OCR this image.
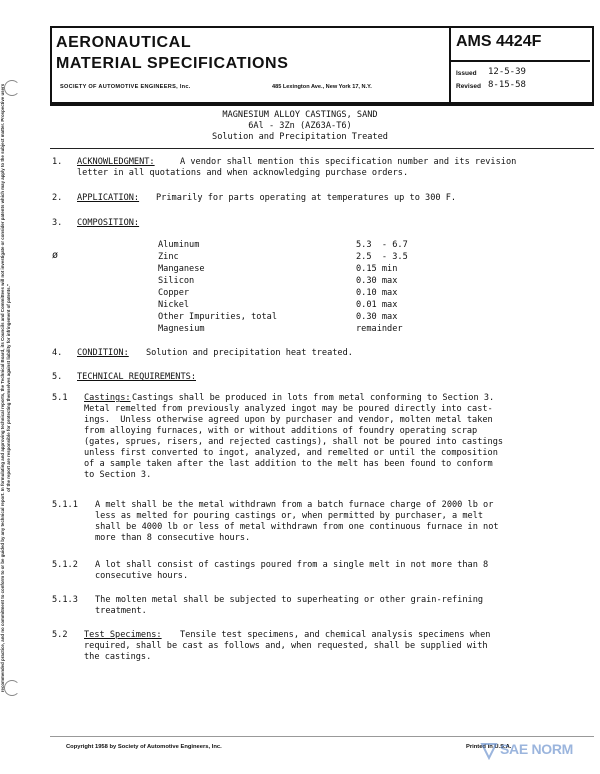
AERONAUTICAL
MATERIAL SPECIFICATIONS
SOCIETY OF AUTOMOTIVE ENGINEERS, Inc.	485 Lexington Ave., New York 17, N.Y.
AMS 4424F
Issued 12-5-39
Revised 8-15-58
MAGNESIUM ALLOY CASTINGS, SAND
6Al - 3Zn (AZ63A-T6)
Solution and Precipitation Treated
1. ACKNOWLEDGMENT:	A vendor shall mention this specification number and its revision
letter in all quotations and when acknowledging purchase orders.
2. APPLICATION: Primarily for parts operating at temperatures up to 300 F.
3. COMPOSITION:
ø
Aluminum	5.3  - 6.7
Zinc	2.5  - 3.5
Manganese	0.15 min
Silicon	0.30 max
Copper	0.10 max
Nickel	0.01 max
Other Impurities, total	0.30 max
Magnesium	remainder
4. CONDITION: Solution and precipitation heat treated.
5. TECHNICAL REQUIREMENTS:
5.1 Castings: Castings shall be produced in lots from metal conforming to Section 3.
Metal remelted from previously analyzed ingot may be poured directly into cast-
ings.  Unless otherwise agreed upon by purchaser and vendor, molten metal taken
from alloying furnaces, with or without additions of foundry operating scrap
(gates, sprues, risers, and rejected castings), shall not be poured into castings
unless first converted to ingot, analyzed, and remelted or until the composition
of a sample taken after the last addition to the melt has been found to conform
to Section 3.
5.1.1 A melt shall be the metal withdrawn from a batch furnace charge of 2000 lb or
less as melted for pouring castings or, when permitted by purchaser, a melt
shall be 4000 lb or less of metal withdrawn from one continuous furnace in not
more than 8 consecutive hours.
5.1.2 A lot shall consist of castings poured from a single melt in not more than 8
consecutive hours.
5.1.3 The molten metal shall be subjected to superheating or other grain-refining
treatment.
5.2 Test Specimens: Tensile test specimens, and chemical analysis specimens when
required, shall be cast as follows and, when requested, shall be supplied with
the castings.
recommended practice, and no commitment to conform to or be guided by any technical report. In formulating and approving technical reports, the Technical Board, its Councils and Committees will not investigate or consider patents which may apply to the subject matter. Prospective users of the report are responsible for protecting themselves against liability for infringement of patents."
Copyright 1958 by Society of Automotive Engineers, Inc.	Printed in U.S.A.
SAE NORM
